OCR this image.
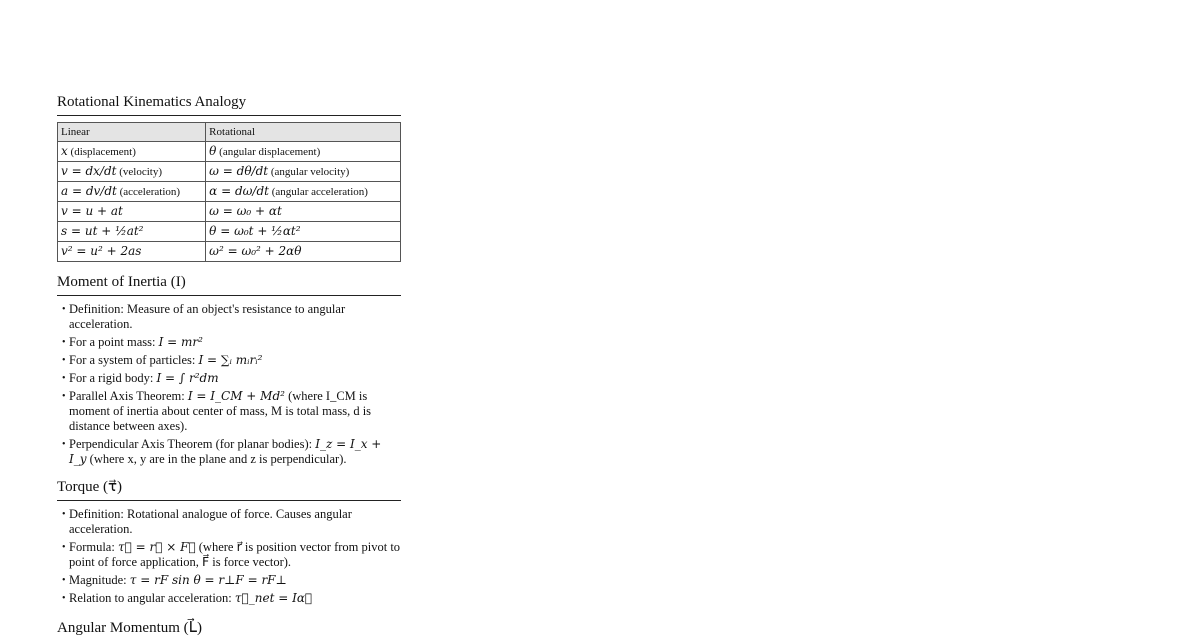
Rotational Kinematics Analogy
Linear	Rotational
x (displacement)	θ (angular displacement)
v = dx/dt (velocity)	ω = dθ/dt (angular velocity)
a = dv/dt (acceleration)	α = dω/dt (angular acceleration)
v = u + at	ω = ω₀ + αt
s = ut + ½at²	θ = ω₀t + ½αt²
v² = u² + 2as	ω² = ω₀² + 2αθ
Moment of Inertia (I)
• Definition: Measure of an object's resistance to angular acceleration.
• For a point mass: I = mr²
• For a system of particles: I = ∑ᵢ mᵢrᵢ²
• For a rigid body: I = ∫ r²dm
• Parallel Axis Theorem: I = I_CM + Md² (where I_CM is moment of inertia about center of mass, M is total mass, d is distance between axes).
• Perpendicular Axis Theorem (for planar bodies): I_z = I_x + I_y (where x, y are in the plane and z is perpendicular).
Torque (τ⃗)
• Definition: Rotational analogue of force. Causes angular acceleration.
• Formula: τ⃗ = r⃗ × F⃗ (where r⃗ is position vector from pivot to point of force application, F⃗ is force vector).
• Magnitude: τ = rF sin θ = r⊥F = rF⊥
• Relation to angular acceleration: τ⃗_net = Iα⃗
Angular Momentum (L⃗)
